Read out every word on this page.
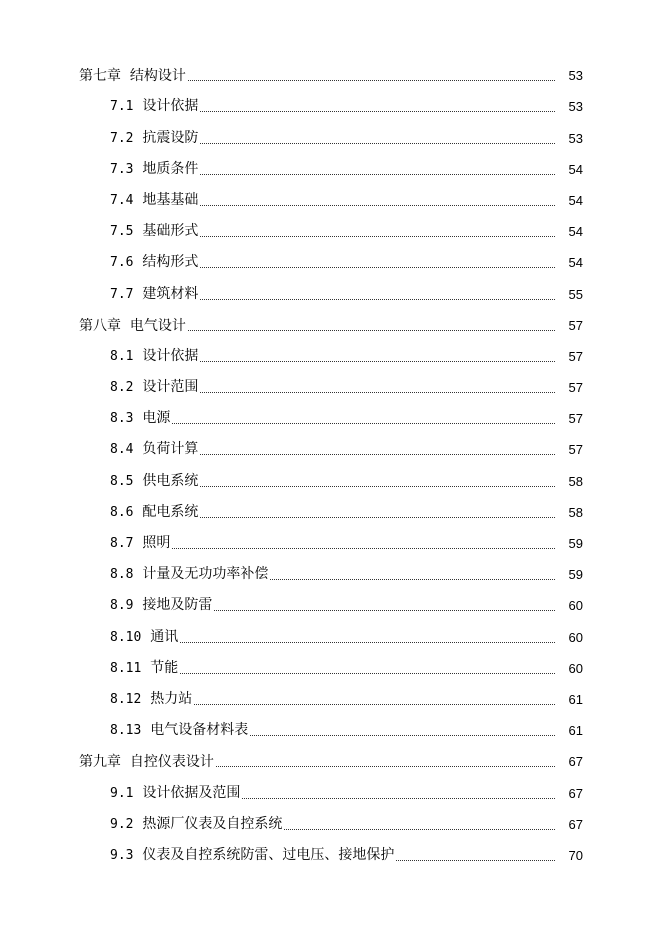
第七章 结构设计	53
7.1 设计依据	53
7.2 抗震设防	53
7.3 地质条件	54
7.4 地基基础	54
7.5 基础形式	54
7.6 结构形式	54
7.7 建筑材料	55
第八章 电气设计	57
8.1 设计依据	57
8.2 设计范围	57
8.3 电源	57
8.4 负荷计算	57
8.5 供电系统	58
8.6 配电系统	58
8.7 照明	59
8.8 计量及无功功率补偿	59
8.9 接地及防雷	60
8.10 通讯	60
8.11 节能	60
8.12 热力站	61
8.13 电气设备材料表	61
第九章 自控仪表设计	67
9.1 设计依据及范围	67
9.2 热源厂仪表及自控系统	67
9.3 仪表及自控系统防雷、过电压、接地保护	70
